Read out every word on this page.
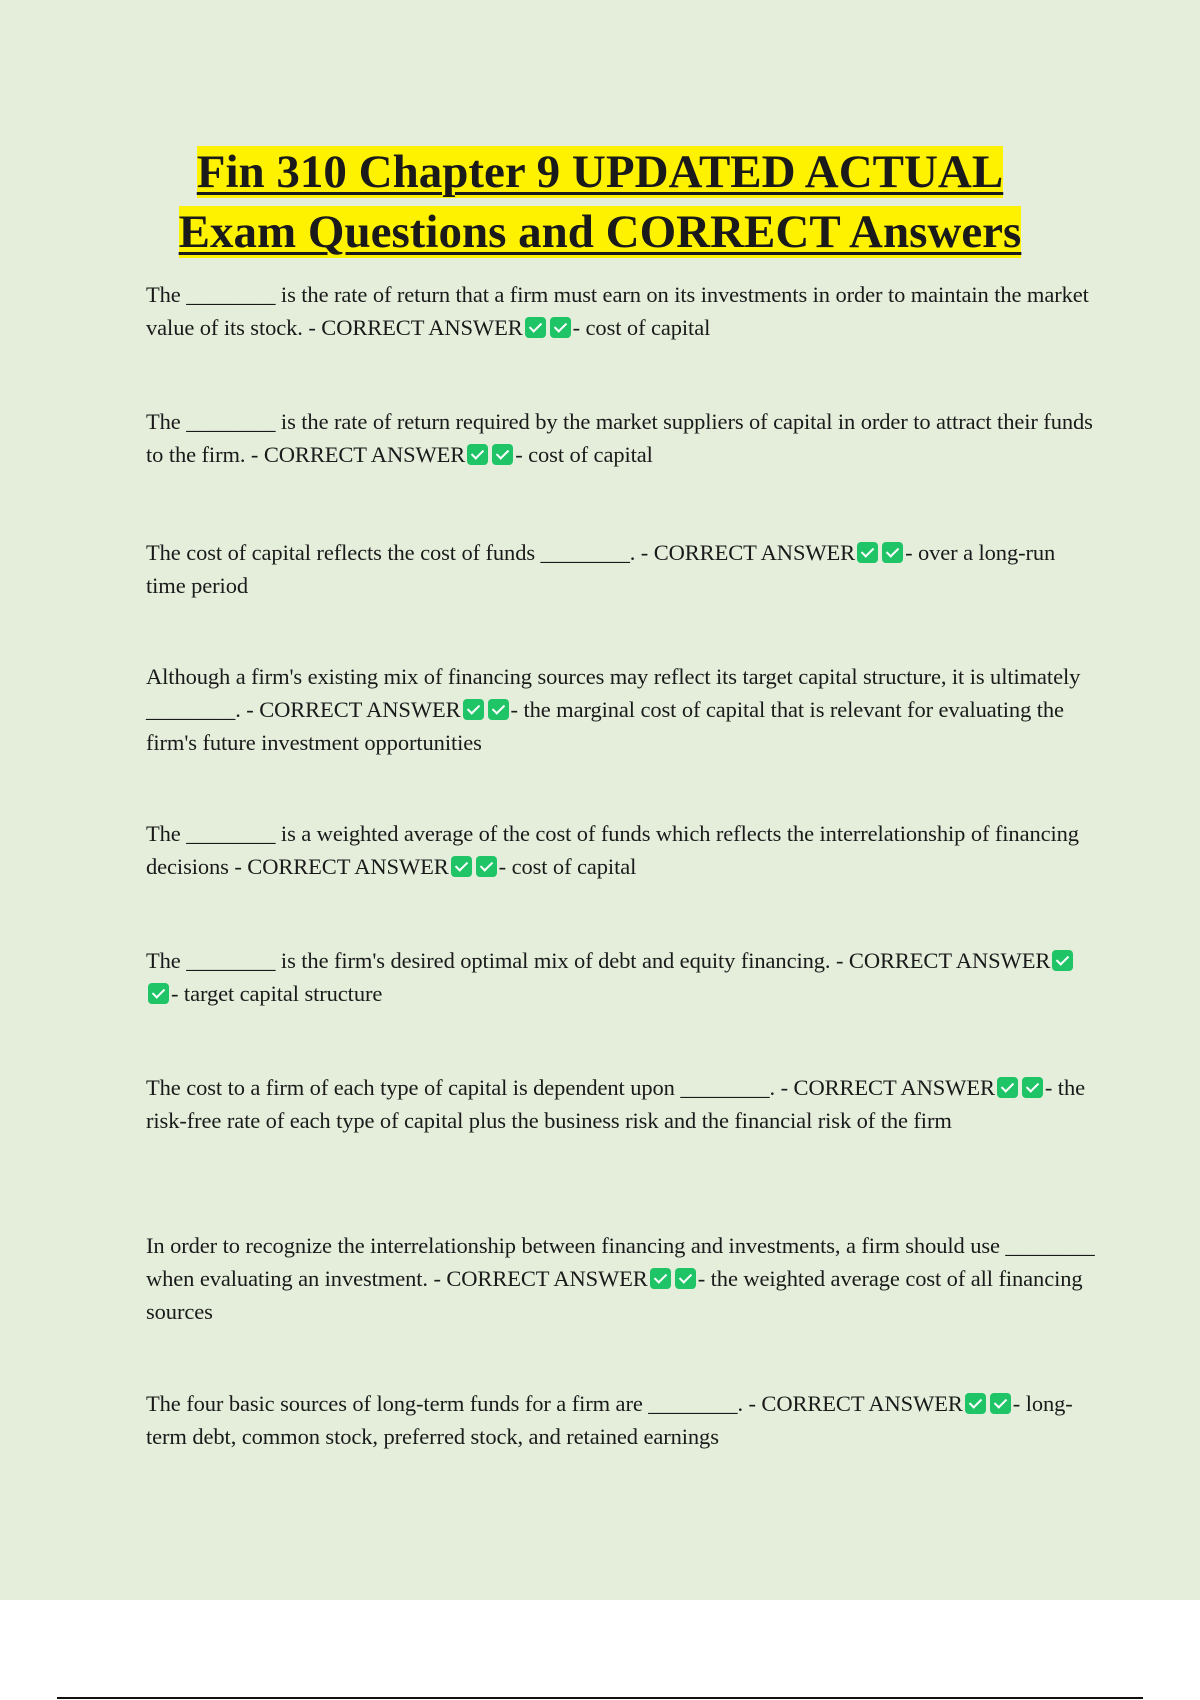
Fin 310 Chapter 9 UPDATED ACTUAL
Exam Questions and CORRECT Answers

The ________ is the rate of return that a firm must earn on its investments in order to maintain the market value of its stock. - CORRECT ANSWER - cost of capital

The ________ is the rate of return required by the market suppliers of capital in order to attract their funds to the firm. - CORRECT ANSWER - cost of capital

The cost of capital reflects the cost of funds ________. - CORRECT ANSWER - over a long-run time period

Although a firm's existing mix of financing sources may reflect its target capital structure, it is ultimately ________. - CORRECT ANSWER - the marginal cost of capital that is relevant for evaluating the firm's future investment opportunities

The ________ is a weighted average of the cost of funds which reflects the interrelationship of financing decisions - CORRECT ANSWER - cost of capital

The ________ is the firm's desired optimal mix of debt and equity financing. - CORRECT ANSWER- target capital structure

The cost to a firm of each type of capital is dependent upon ________. - CORRECT ANSWER - the risk-free rate of each type of capital plus the business risk and the financial risk of the firm

In order to recognize the interrelationship between financing and investments, a firm should use ________ when evaluating an investment. - CORRECT ANSWER - the weighted average cost of all financing sources

The four basic sources of long-term funds for a firm are ________. - CORRECT ANSWER - long-term debt, common stock, preferred stock, and retained earnings
